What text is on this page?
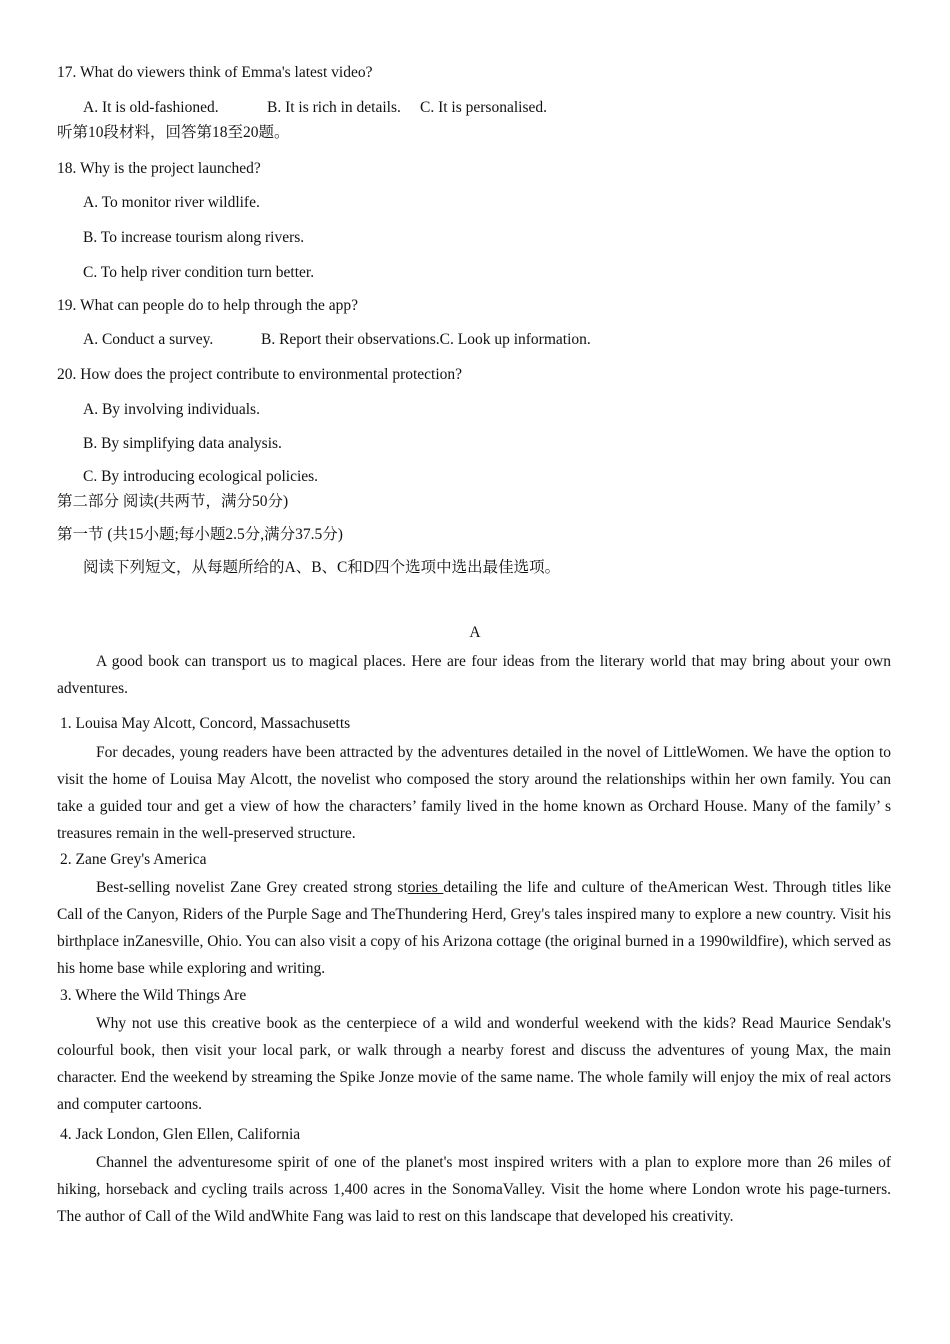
17. What do viewers think of Emma's latest video?
A. It is old-fashioned.	B. It is rich in details. C. It is personalised.
听第10段材料，回答第18至20题。
18. Why is the project launched?
A. To monitor river wildlife.
B. To increase tourism along rivers.
C. To help river condition turn better.
19. What can people do to help through the app?
A. Conduct a survey.	B. Report their observations.C. Look up information.
20. How does the project contribute to environmental protection?
A. By involving individuals.
B. By simplifying data analysis.
C. By introducing ecological policies.
第二部分 阅读(共两节，满分50分)
第一节 (共15小题;每小题2.5分,满分37.5分)
阅读下列短文，从每题所给的A、B、C和D四个选项中选出最佳选项。
A
A good book can transport us to magical places. Here are four ideas from the literary world that may bring about your own adventures.
1. Louisa May Alcott, Concord, Massachusetts
For decades, young readers have been attracted by the adventures detailed in the novel of LittleWomen. We have the option to visit the home of Louisa May Alcott, the novelist who composed the story around the relationships within her own family. You can take a guided tour and get a view of how the characters’ family lived in the home known as Orchard House. Many of the family’ s treasures remain in the well-preserved structure.
2. Zane Grey's America
Best-selling novelist Zane Grey created strong stories detailing the life and culture of theAmerican West. Through titles like Call of the Canyon, Riders of the Purple Sage and TheThundering Herd, Grey's tales inspired many to explore a new country. Visit his birthplace inZanesville, Ohio. You can also visit a copy of his Arizona cottage (the original burned in a 1990wildfire), which served as his home base while exploring and writing.
3. Where the Wild Things Are
Why not use this creative book as the centerpiece of a wild and wonderful weekend with the kids? Read Maurice Sendak's colourful book, then visit your local park, or walk through a nearby forest and discuss the adventures of young Max, the main character. End the weekend by streaming the Spike Jonze movie of the same name. The whole family will enjoy the mix of real actors and computer cartoons.
4. Jack London, Glen Ellen, California
Channel the adventuresome spirit of one of the planet's most inspired writers with a plan to explore more than 26 miles of hiking, horseback and cycling trails across 1,400 acres in the SonomaValley. Visit the home where London wrote his page-turners. The author of Call of the Wild andWhite Fang was laid to rest on this landscape that developed his creativity.
